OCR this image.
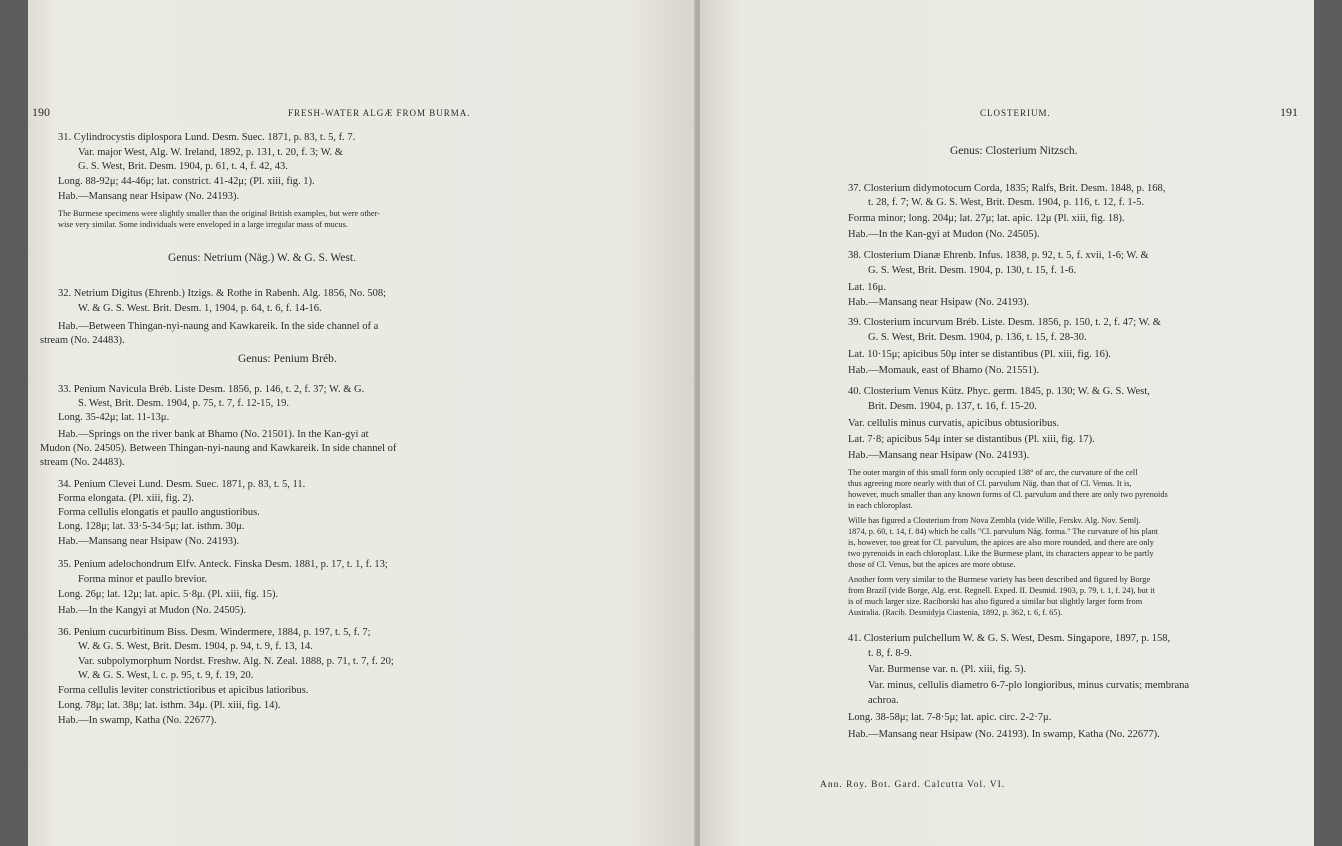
190	FRESH-WATER ALGÆ FROM BURMA.
31. Cylindrocystis diplospora Lund. Desm. Suec. 1871, p. 83, t. 5, f. 7.
Var. major West, Alg. W. Ireland, 1892, p. 131, t. 20, f. 3; W. &
G. S. West, Brit. Desm. 1904, p. 61, t. 4, f. 42, 43.
Long. 88-92μ; 44-46μ; lat. constrict. 41-42μ; (Pl. xiii, fig. 1).
Hab.—Mansang near Hsipaw (No. 24193).
The Burmese specimens were slightly smaller than the original British examples, but were other-
wise very similar. Some individuals were enveloped in a large irregular mass of mucus.
Genus: Netrium (Näg.) W. & G. S. West.
32. Netrium Digitus (Ehrenb.) Itzigs. & Rothe in Rabenh. Alg. 1856, No. 508;
W. & G. S. West. Brit. Desm. 1, 1904, p. 64, t. 6, f. 14-16.
Hab.—Between Thingan-nyi-naung and Kawkareik. In the side channel of a
stream (No. 24483).
Genus: Penium Bréb.
33. Penium Navicula Bréb. Liste Desm. 1856, p. 146, t. 2, f. 37; W. & G.
S. West, Brit. Desm. 1904, p. 75, t. 7, f. 12-15, 19.
Long. 35-42μ; lat. 11-13μ.
Hab.—Springs on the river bank at Bhamo (No. 21501). In the Kan-gyi at
Mudon (No. 24505). Between Thingan-nyi-naung and Kawkareik. In side channel of
stream (No. 24483).
34. Penium Clevei Lund. Desm. Suec. 1871, p. 83, t. 5, 11.
Forma elongata. (Pl. xiii, fig. 2).
Forma cellulis elongatis et paullo angustioribus.
Long. 128μ; lat. 33·5-34·5μ; lat. isthm. 30μ.
Hab.—Mansang near Hsipaw (No. 24193).
35. Penium adelochondrum Elfv. Anteck. Finska Desm. 1881, p. 17, t. 1, f. 13;
Forma minor et paullo brevior.
Long. 26μ; lat. 12μ; lat. apic. 5·8μ. (Pl. xiii, fig. 15).
Hab.—In the Kangyi at Mudon (No. 24505).
36. Penium cucurbitinum Biss. Desm. Windermere, 1884, p. 197, t. 5, f. 7;
W. & G. S. West, Brit. Desm. 1904, p. 94, t. 9, f. 13, 14.
Var. subpolymorphum Nordst. Freshw. Alg. N. Zeal. 1888, p. 71, t. 7, f. 20;
W. & G. S. West, l. c. p. 95, t. 9, f. 19, 20.
Forma cellulis leviter constrictioribus et apicibus latioribus.
Long. 78μ; lat. 38μ; lat. isthm. 34μ. (Pl. xiii, fig. 14).
Hab.—In swamp, Katha (No. 22677).
CLOSTERIUM.	191
Genus: Closterium Nitzsch.
37. Closterium didymotocum Corda, 1835; Ralfs, Brit. Desm. 1848, p. 168,
t. 28, f. 7; W. & G. S. West, Brit. Desm. 1904, p. 116, t. 12, f. 1-5.
Forma minor; long. 204μ; lat. 27μ; lat. apic. 12μ (Pl. xiii, fig. 18).
Hab.—In the Kan-gyi at Mudon (No. 24505).
38. Closterium Dianæ Ehrenb. Infus. 1838, p. 92, t. 5, f. xvii, 1-6; W. &
G. S. West, Brit. Desm. 1904, p. 130, t. 15, f. 1-6.
Lat. 16μ.
Hab.—Mansang near Hsipaw (No. 24193).
39. Closterium incurvum Bréb. Liste. Desm. 1856, p. 150, t. 2, f. 47; W. &
G. S. West, Brit. Desm. 1904, p. 136, t. 15, f. 28-30.
Lat. 10·15μ; apicibus 50μ inter se distantibus (Pl. xiii, fig. 16).
Hab.—Momauk, east of Bhamo (No. 21551).
40. Closterium Venus Kütz. Phyc. germ. 1845, p. 130; W. & G. S. West,
Brit. Desm. 1904, p. 137, t. 16, f. 15-20.
Var. cellulis minus curvatis, apicibus obtusioribus.
Lat. 7·8; apicibus 54μ inter se distantibus (Pl. xiii, fig. 17).
Hab.—Mansang near Hsipaw (No. 24193).
The outer margin of this small form only occupied 138° of arc, the curvature of the cell
thus agreeing more nearly with that of Cl. parvulum Näg. than that of Cl. Venus. It is,
however, much smaller than any known forms of Cl. parvulum and there are only two pyrenoids
in each chloroplast.
Wille has figured a Closterium from Nova Zembla (vide Wille, Ferskv. Alg. Nov. Semlj.
1874, p. 60, t. 14, f. 84) which he calls "Cl. parvulum Näg. forma." The curvature of his plant
is, however, too great for Cl. parvulum, the apices are also more rounded, and there are only
two pyrenoids in each chloroplast. Like the Burmese plant, its characters appear to be partly
those of Cl. Venus, but the apices are more obtuse.
Another form very similar to the Burmese variety has been described and figured by Borge
from Brazil (vide Borge, Alg. erst. Regnell. Exped. II. Desmid. 1903, p. 79, t. 1, f. 24), but it
is of much larger size. Raciborski has also figured a similar but slightly larger form from
Australia. (Racib. Desmidyja Ciastenia, 1892, p. 362, t. 6, f. 65).
41. Closterium pulchellum W. & G. S. West, Desm. Singapore, 1897, p. 158,
t. 8, f. 8-9.
Var. Burmense var. n. (Pl. xiii, fig. 5).
Var. minus, cellulis diametro 6-7-plo longioribus, minus curvatis; membrana
achroa.
Long. 38-58μ; lat. 7-8·5μ; lat. apic. circ. 2-2·7μ.
Hab.—Mansang near Hsipaw (No. 24193). In swamp, Katha (No. 22677).
Ann. Roy. Bot. Gard. Calcutta Vol. VI.
